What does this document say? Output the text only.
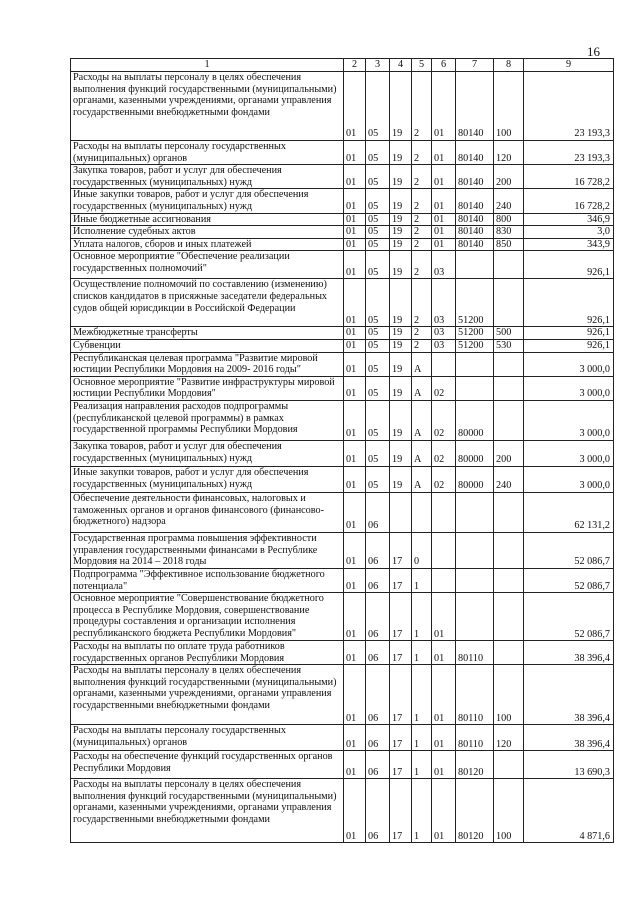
16
1	2	3	4	5	6	7	8	9
Расходы на выплаты персоналу в целях обеспечения выполнения функций государственными (муниципальными) органами, казенными учреждениями, органами управления государственными внебюджетными фондами	01	05	19	2	01	80140	100	23 193,3
Расходы на выплаты персоналу государственных (муниципальных) органов	01	05	19	2	01	80140	120	23 193,3
Закупка товаров, работ и услуг для обеспечения государственных (муниципальных) нужд	01	05	19	2	01	80140	200	16 728,2
Иные закупки товаров, работ и услуг для обеспечения государственных (муниципальных) нужд	01	05	19	2	01	80140	240	16 728,2
Иные бюджетные ассигнования	01	05	19	2	01	80140	800	346,9
Исполнение судебных актов	01	05	19	2	01	80140	830	3,0
Уплата налогов, сборов и иных платежей	01	05	19	2	01	80140	850	343,9
Основное мероприятие "Обеспечение реализации государственных полномочий"	01	05	19	2	03			926,1
Осуществление полномочий по составлению (изменению) списков кандидатов в присяжные заседатели федеральных судов общей юрисдикции в Российской Федерации	01	05	19	2	03	51200		926,1
Межбюджетные трансферты	01	05	19	2	03	51200	500	926,1
Субвенции	01	05	19	2	03	51200	530	926,1
Республиканская целевая программа "Развитие мировой юстиции Республики Мордовия на 2009- 2016 годы"	01	05	19	А				3 000,0
Основное мероприятие "Развитие инфраструктуры мировой юстиции Республики Мордовия"	01	05	19	А	02			3 000,0
Реализация направления расходов подпрограммы (республиканской целевой программы) в рамках государственной программы Республики Мордовия	01	05	19	А	02	80000		3 000,0
Закупка товаров, работ и услуг для обеспечения государственных (муниципальных) нужд	01	05	19	А	02	80000	200	3 000,0
Иные закупки товаров, работ и услуг для обеспечения государственных (муниципальных) нужд	01	05	19	А	02	80000	240	3 000,0
Обеспечение деятельности финансовых, налоговых и таможенных органов и органов финансового (финансово-бюджетного) надзора	01	06						62 131,2
Государственная программа повышения эффективности управления государственными финансами в Республике Мордовия на 2014 – 2018 годы	01	06	17	0				52 086,7
Подпрограмма "Эффективное использование бюджетного потенциала"	01	06	17	1				52 086,7
Основное мероприятие "Совершенствование бюджетного процесса в Республике Мордовия, совершенствование процедуры составления и организации исполнения республиканского бюджета Республики Мордовия"	01	06	17	1	01			52 086,7
Расходы на выплаты по оплате труда работников государственных органов Республики Мордовия	01	06	17	1	01	80110		38 396,4
Расходы на выплаты персоналу в целях обеспечения выполнения функций государственными (муниципальными) органами, казенными учреждениями, органами управления государственными внебюджетными фондами	01	06	17	1	01	80110	100	38 396,4
Расходы на выплаты персоналу государственных (муниципальных) органов	01	06	17	1	01	80110	120	38 396,4
Расходы на обеспечение функций государственных органов Республики Мордовия	01	06	17	1	01	80120		13 690,3
Расходы на выплаты персоналу в целях обеспечения выполнения функций государственными (муниципальными) органами, казенными учреждениями, органами управления государственными внебюджетными фондами	01	06	17	1	01	80120	100	4 871,6
